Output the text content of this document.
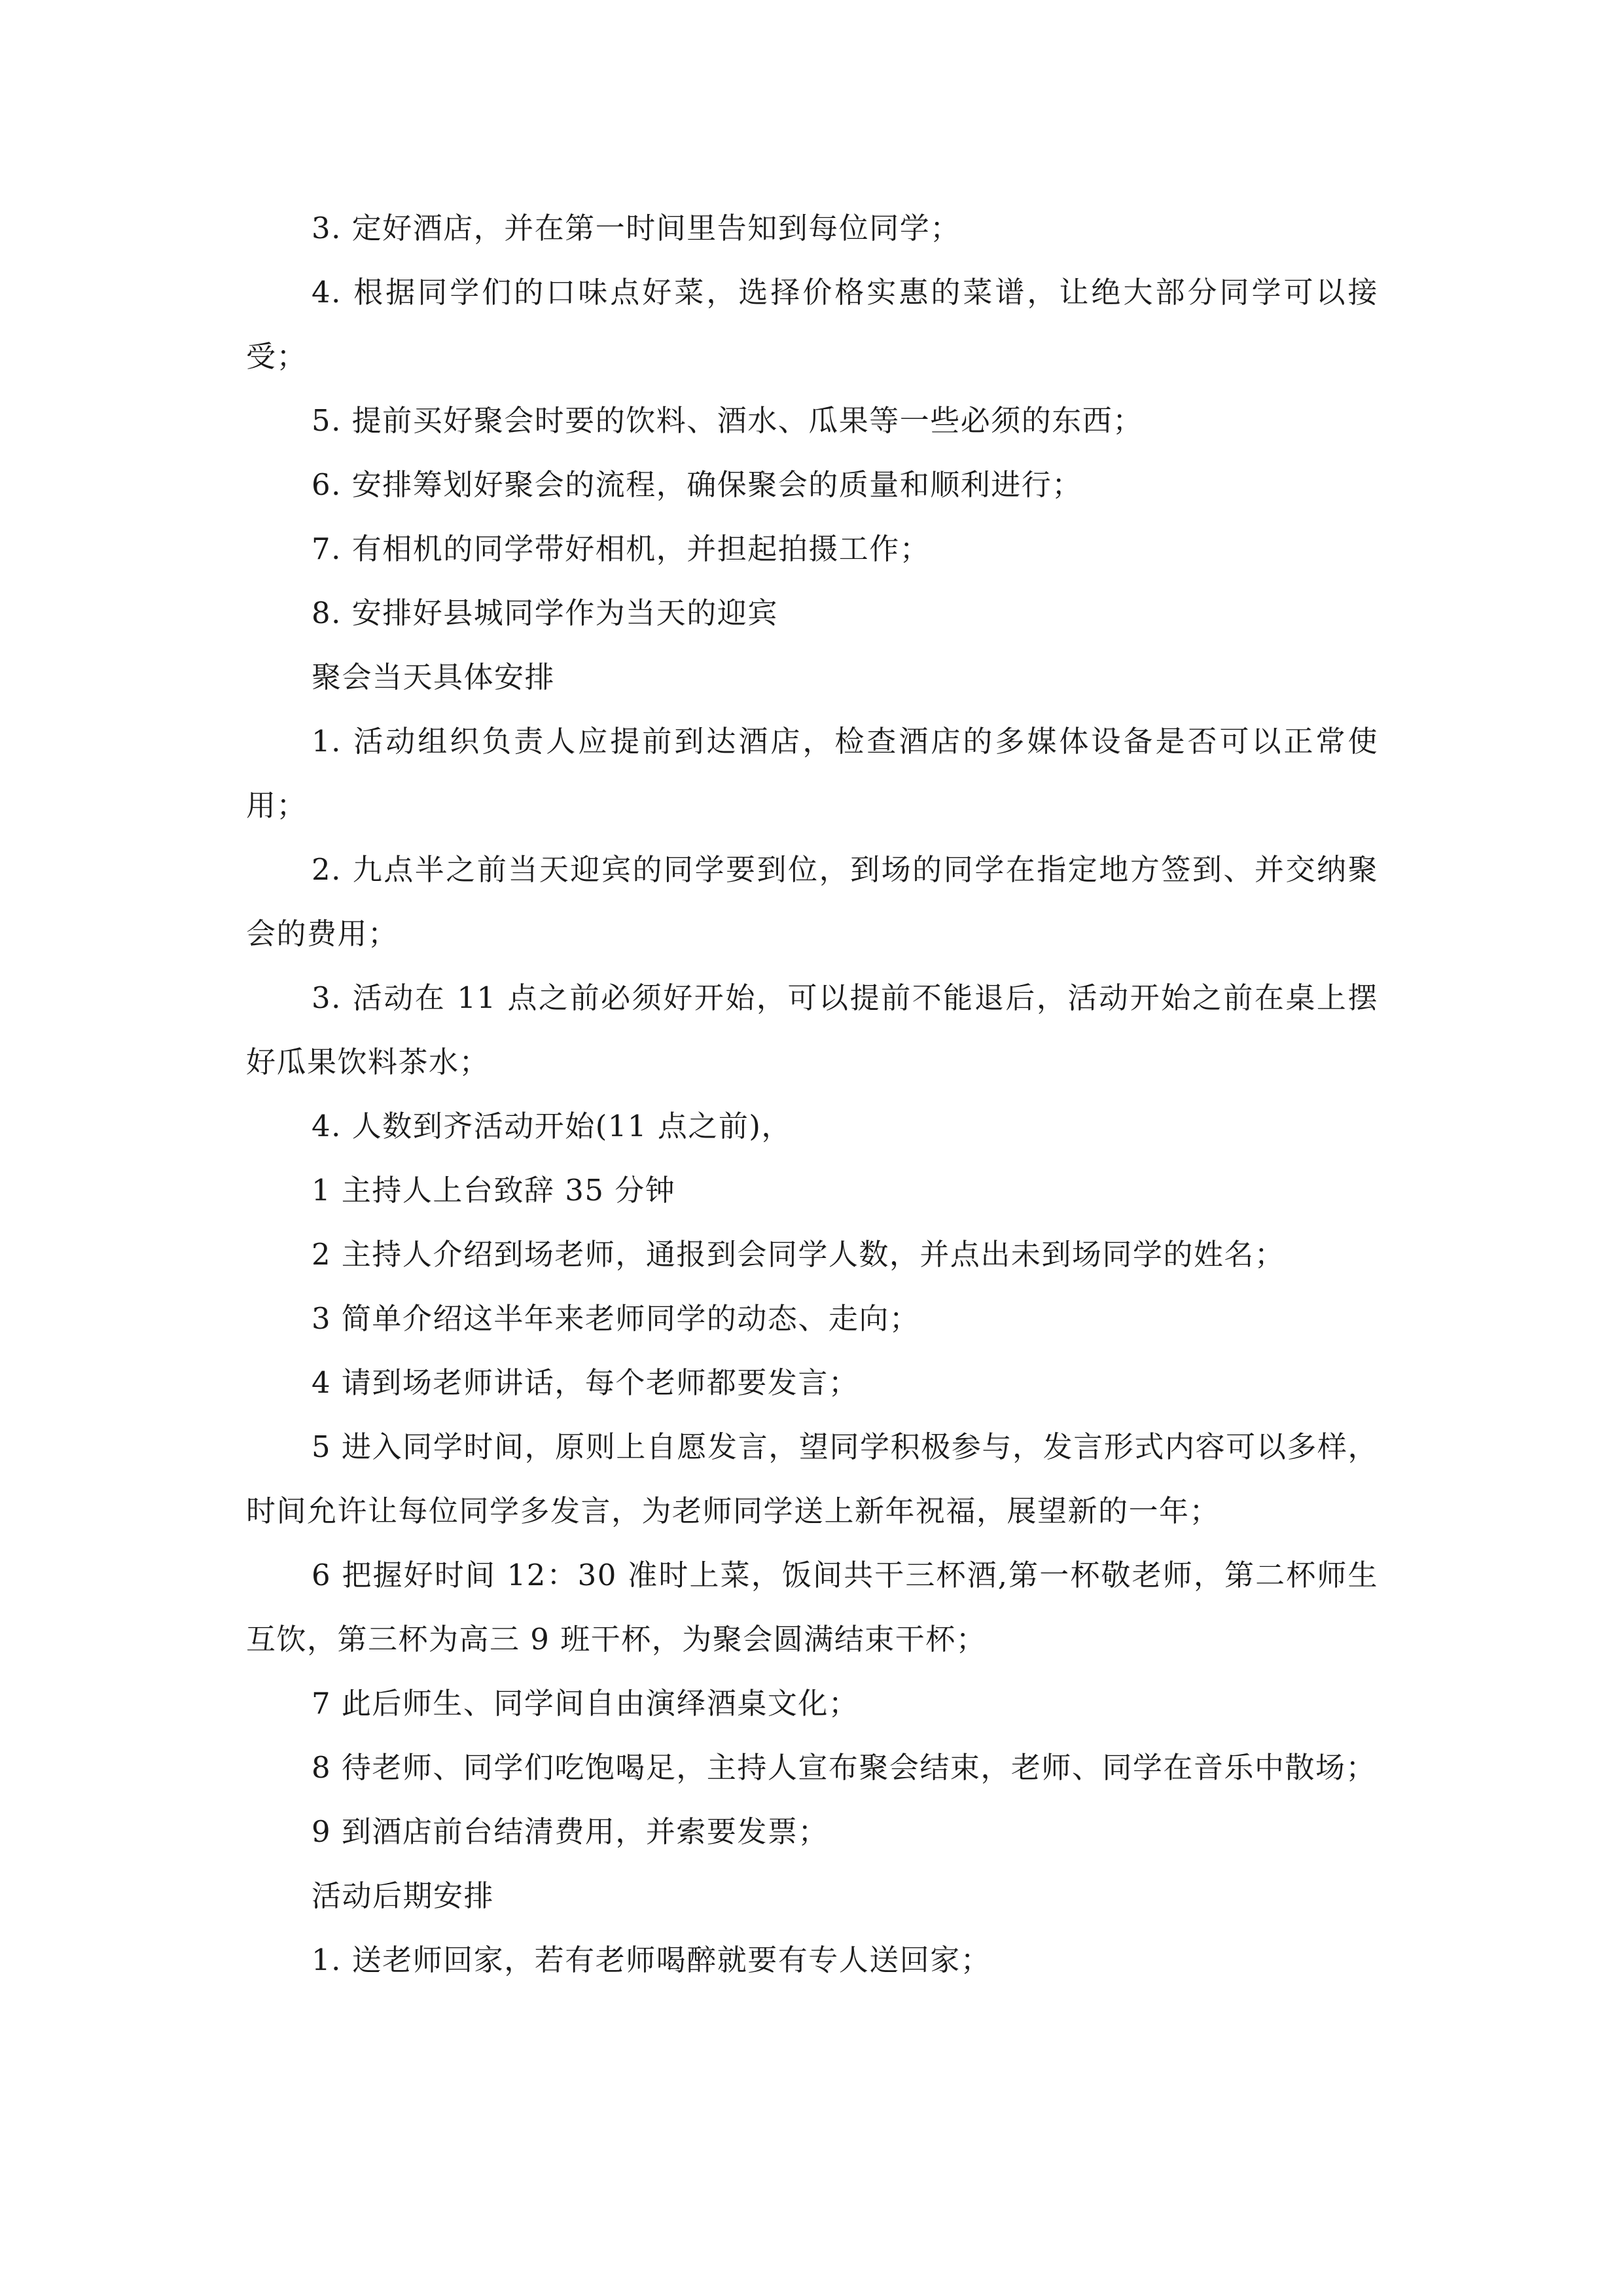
3. 定好酒店，并在第一时间里告知到每位同学；

4. 根据同学们的口味点好菜，选择价格实惠的菜谱，让绝大部分同学可以接受；

5. 提前买好聚会时要的饮料、酒水、瓜果等一些必须的东西；

6. 安排筹划好聚会的流程，确保聚会的质量和顺利进行；

7. 有相机的同学带好相机，并担起拍摄工作；

8. 安排好县城同学作为当天的迎宾

聚会当天具体安排

1. 活动组织负责人应提前到达酒店，检查酒店的多媒体设备是否可以正常使用；

2. 九点半之前当天迎宾的同学要到位，到场的同学在指定地方签到、并交纳聚会的费用；

3. 活动在 11 点之前必须好开始，可以提前不能退后，活动开始之前在桌上摆好瓜果饮料茶水；

4. 人数到齐活动开始(11 点之前)，

1 主持人上台致辞 35 分钟

2 主持人介绍到场老师，通报到会同学人数，并点出未到场同学的姓名；

3 简单介绍这半年来老师同学的动态、走向；

4 请到场老师讲话，每个老师都要发言；

5 进入同学时间，原则上自愿发言，望同学积极参与，发言形式内容可以多样，时间允许让每位同学多发言，为老师同学送上新年祝福，展望新的一年；

6 把握好时间 12：30 准时上菜，饭间共干三杯酒,第一杯敬老师，第二杯师生互饮，第三杯为高三 9 班干杯，为聚会圆满结束干杯；

7 此后师生、同学间自由演绎酒桌文化；

8 待老师、同学们吃饱喝足，主持人宣布聚会结束，老师、同学在音乐中散场；

9 到酒店前台结清费用，并索要发票；

活动后期安排

1. 送老师回家，若有老师喝醉就要有专人送回家；
